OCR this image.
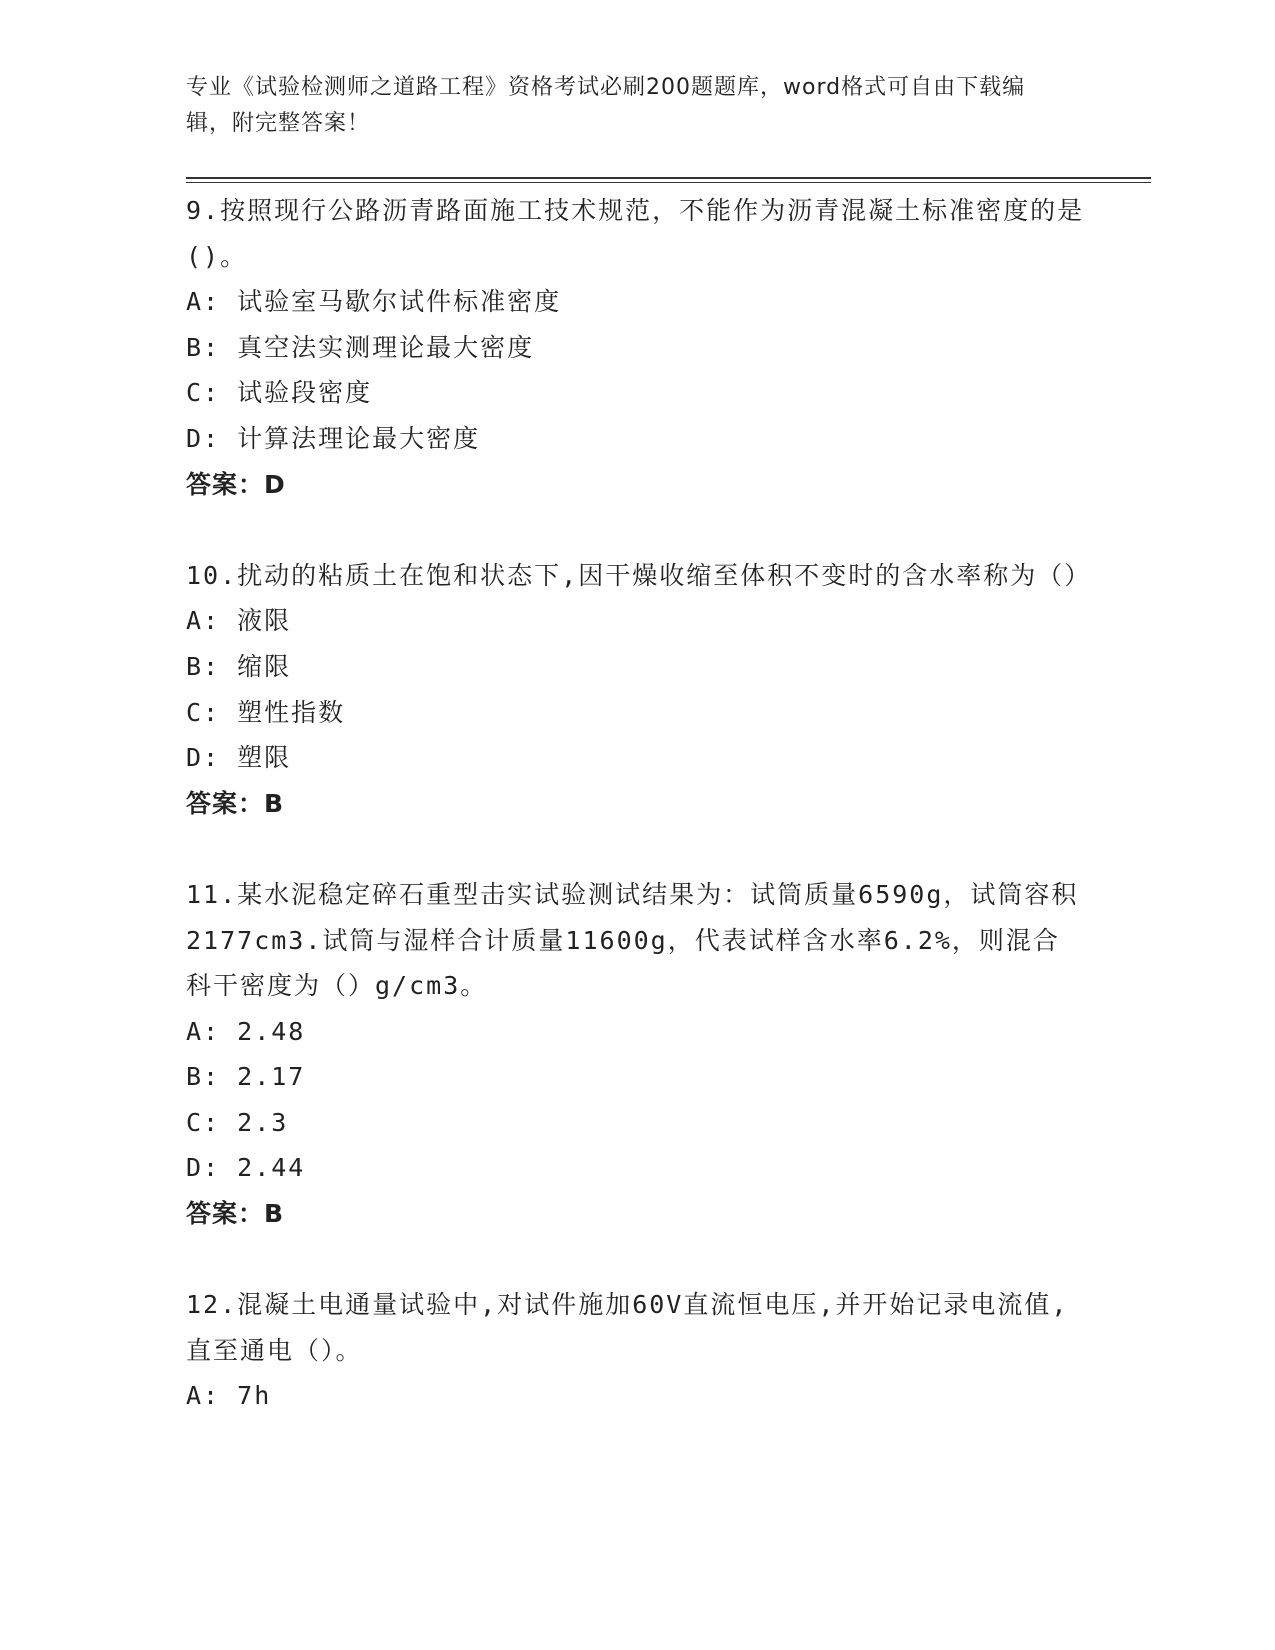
专业《试验检测师之道路工程》资格考试必刷200题题库，word格式可自由下载编辑，附完整答案！

9.按照现行公路沥青路面施工技术规范，不能作为沥青混凝土标准密度的是()。

A: 试验室马歇尔试件标准密度

B: 真空法实测理论最大密度

C: 试验段密度

D: 计算法理论最大密度

答案：D

10.扰动的粘质土在饱和状态下,因干燥收缩至体积不变时的含水率称为（）

A: 液限

B: 缩限

C: 塑性指数

D: 塑限

答案：B

11.某水泥稳定碎石重型击实试验测试结果为：试筒质量6590g，试筒容积2177cm3.试筒与湿样合计质量11600g，代表试样含水率6.2%，则混合科干密度为（）g/cm3。

A: 2.48

B: 2.17

C: 2.3

D: 2.44

答案：B

12.混凝土电通量试验中,对试件施加60V直流恒电压,并开始记录电流值,直至通电（）。

A: 7h
